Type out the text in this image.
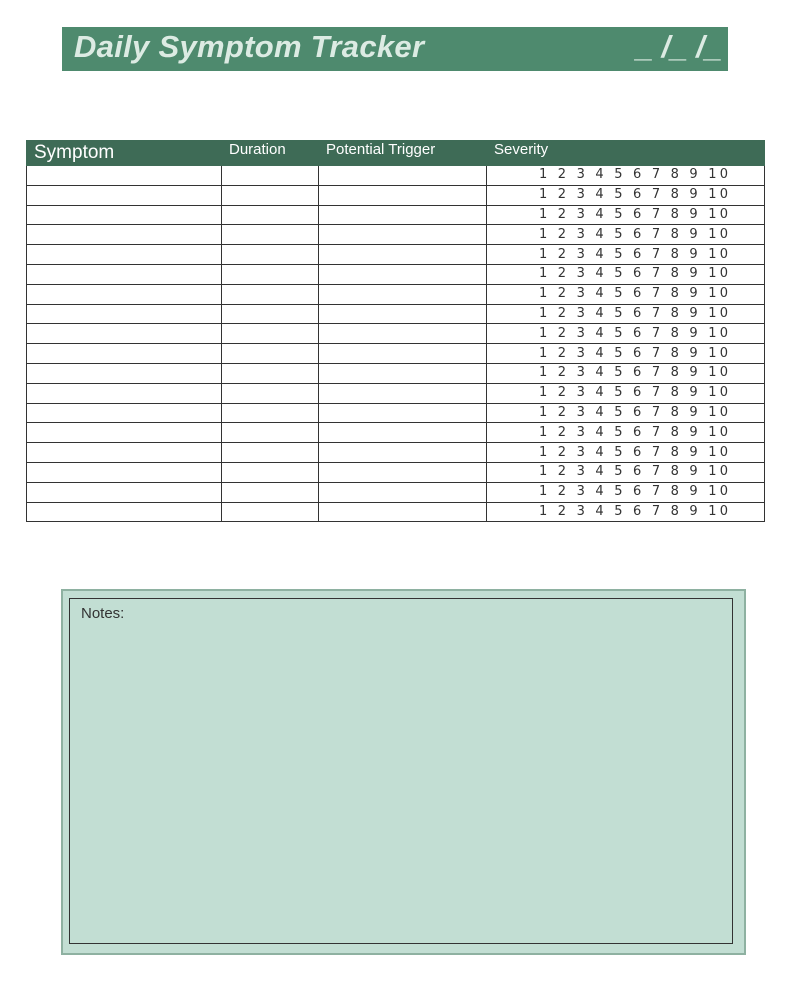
Daily Symptom Tracker	_ /_ /_
Symptom	Duration	Potential Trigger	Severity
			1 2 3 4 5 6 7 8 9 10
			1 2 3 4 5 6 7 8 9 10
			1 2 3 4 5 6 7 8 9 10
			1 2 3 4 5 6 7 8 9 10
			1 2 3 4 5 6 7 8 9 10
			1 2 3 4 5 6 7 8 9 10
			1 2 3 4 5 6 7 8 9 10
			1 2 3 4 5 6 7 8 9 10
			1 2 3 4 5 6 7 8 9 10
			1 2 3 4 5 6 7 8 9 10
			1 2 3 4 5 6 7 8 9 10
			1 2 3 4 5 6 7 8 9 10
			1 2 3 4 5 6 7 8 9 10
			1 2 3 4 5 6 7 8 9 10
			1 2 3 4 5 6 7 8 9 10
			1 2 3 4 5 6 7 8 9 10
			1 2 3 4 5 6 7 8 9 10
			1 2 3 4 5 6 7 8 9 10
Notes:
